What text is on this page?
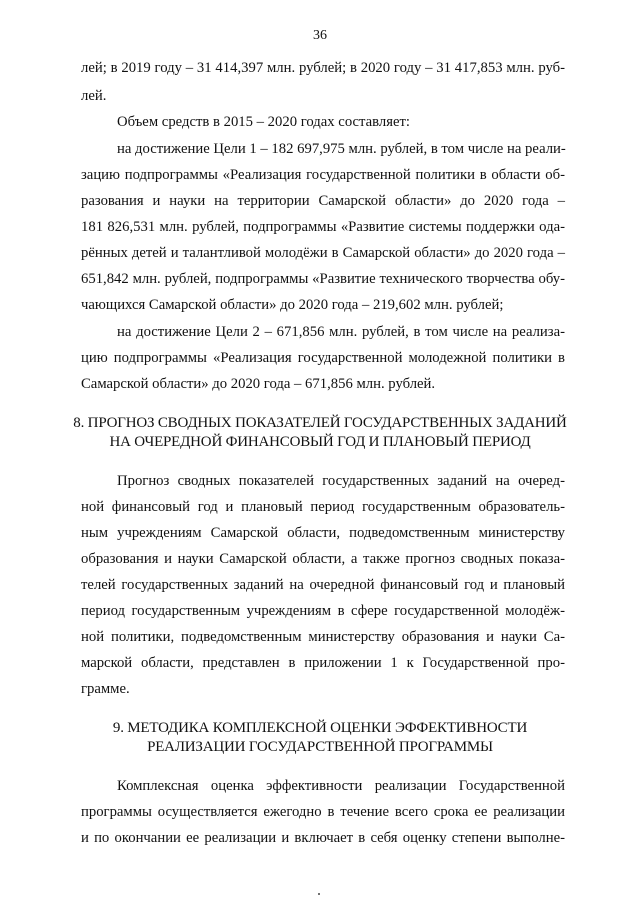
36
лей; в 2019 году – 31 414,397 млн. рублей; в 2020 году – 31 417,853 млн. руб-
лей.
Объем средств в 2015 – 2020 годах составляет:
на достижение Цели 1 – 182 697,975 млн. рублей, в том числе на реали-
зацию подпрограммы «Реализация государственной политики в области об-
разования и науки на территории Самарской области» до 2020 года –
181 826,531 млн. рублей, подпрограммы «Развитие системы поддержки ода-
рённых детей и талантливой молодёжи в Самарской области» до 2020 года –
651,842 млн. рублей, подпрограммы «Развитие технического творчества обу-
чающихся Самарской области» до 2020 года – 219,602 млн. рублей;
на достижение Цели 2 – 671,856 млн. рублей, в том числе на реализа-
цию подпрограммы «Реализация государственной молодежной политики в
Самарской области» до 2020 года – 671,856 млн. рублей.
8. ПРОГНОЗ СВОДНЫХ ПОКАЗАТЕЛЕЙ ГОСУДАРСТВЕННЫХ ЗАДАНИЙ
НА ОЧЕРЕДНОЙ ФИНАНСОВЫЙ ГОД И ПЛАНОВЫЙ ПЕРИОД
Прогноз сводных показателей государственных заданий на очеред-
ной финансовый год и плановый период государственным образователь-
ным учреждениям Самарской области, подведомственным министерству
образования и науки Самарской области, а также прогноз сводных показа-
телей государственных заданий на очередной финансовый год и плановый
период государственным учреждениям в сфере государственной молодёж-
ной политики, подведомственным министерству образования и науки Са-
марской области, представлен в приложении 1 к Государственной про-
грамме.
9. МЕТОДИКА КОМПЛЕКСНОЙ ОЦЕНКИ ЭФФЕКТИВНОСТИ
РЕАЛИЗАЦИИ ГОСУДАРСТВЕННОЙ ПРОГРАММЫ
Комплексная оценка эффективности реализации Государственной
программы осуществляется ежегодно в течение всего срока ее реализации
и по окончании ее реализации и включает в себя оценку степени выполне-
